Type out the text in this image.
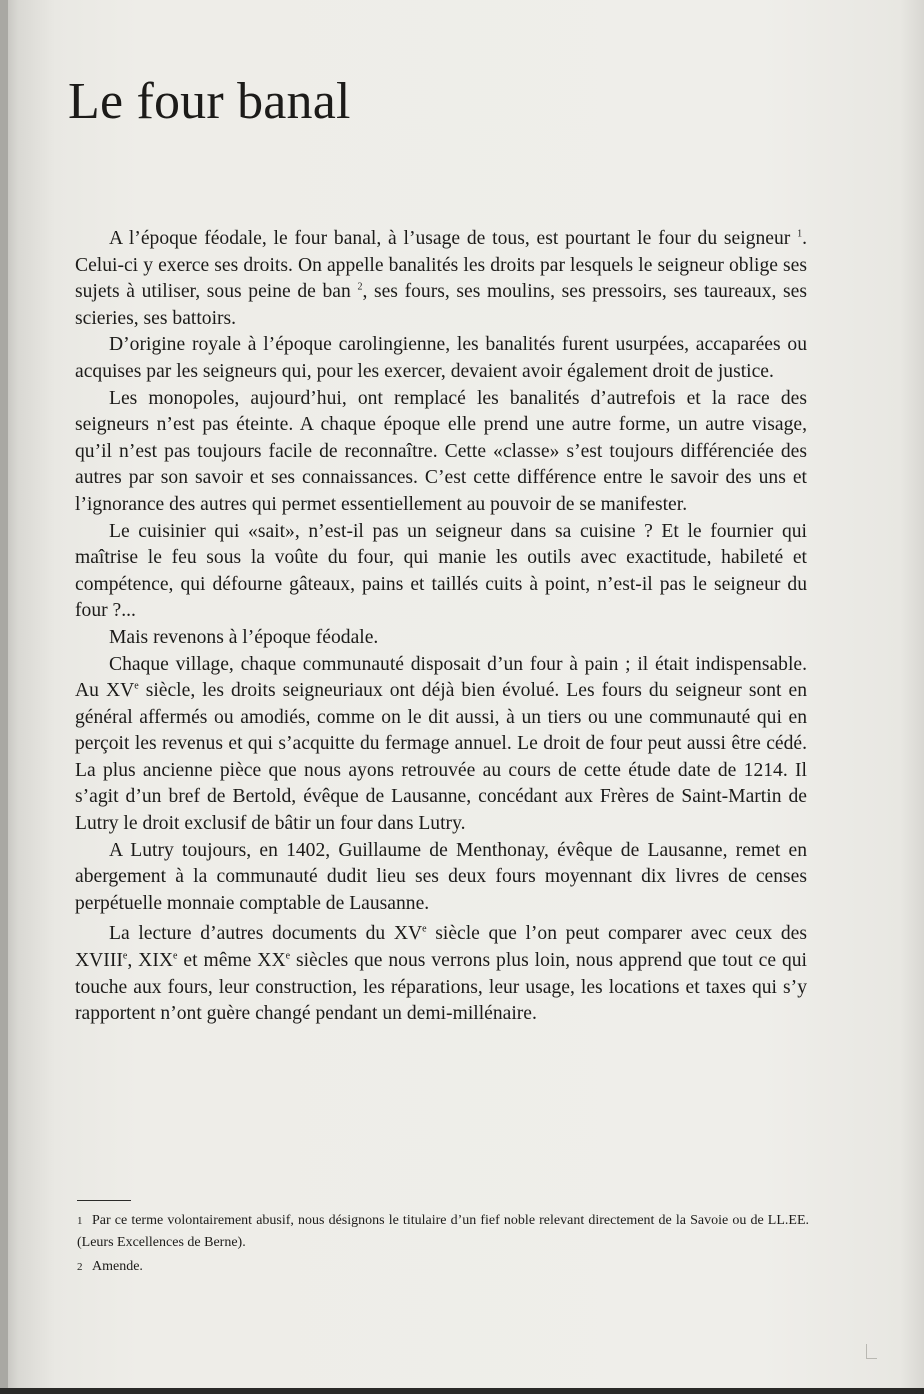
Le four banal

A l’époque féodale, le four banal, à l’usage de tous, est pourtant le four du seigneur $^1$. Celui-ci y exerce ses droits. On appelle banalités les droits par lesquels le seigneur oblige ses sujets à utiliser, sous peine de ban $^2$, ses fours, ses moulins, ses pressoirs, ses taureaux, ses scieries, ses battoirs.

D’origine royale à l’époque carolingienne, les banalités furent usurpées, accaparées ou acquises par les seigneurs qui, pour les exercer, devaient avoir également droit de justice.

Les monopoles, aujourd’hui, ont remplacé les banalités d’autrefois et la race des seigneurs n’est pas éteinte. A chaque époque elle prend une autre forme, un autre visage, qu’il n’est pas toujours facile de reconnaître. Cette «classe» s’est toujours différenciée des autres par son savoir et ses connaissances. C’est cette différence entre le savoir des uns et l’ignorance des autres qui permet essentiellement au pouvoir de se manifester.

Le cuisinier qui «sait», n’est-il pas un seigneur dans sa cuisine ? Et le fournier qui maîtrise le feu sous la voûte du four, qui manie les outils avec exactitude, habileté et compétence, qui défourne gâteaux, pains et taillés cuits à point, n’est-il pas le seigneur du four ?...

Mais revenons à l’époque féodale.

Chaque village, chaque communauté disposait d’un four à pain ; il était indispensable. Au XVe siècle, les droits seigneuriaux ont déjà bien évolué. Les fours du seigneur sont en général affermés ou amodiés, comme on le dit aussi, à un tiers ou une communauté qui en perçoit les revenus et qui s’acquitte du fermage annuel. Le droit de four peut aussi être cédé. La plus ancienne pièce que nous ayons retrouvée au cours de cette étude date de 1214. Il s’agit d’un bref de Bertold, évêque de Lausanne, concédant aux Frères de Saint-Martin de Lutry le droit exclusif de bâtir un four dans Lutry.

A Lutry toujours, en 1402, Guillaume de Menthonay, évêque de Lausanne, remet en abergement à la communauté dudit lieu ses deux fours moyennant dix livres de censes perpétuelle monnaie comptable de Lausanne.

La lecture d’autres documents du XVe siècle que l’on peut comparer avec ceux des XVIIIe, XIXe et même XXe siècles que nous verrons plus loin, nous apprend que tout ce qui touche aux fours, leur construction, les réparations, leur usage, les locations et taxes qui s’y rapportent n’ont guère changé pendant un demi-millénaire.

1 Par ce terme volontairement abusif, nous désignons le titulaire d’un fief noble relevant directement de la Savoie ou de LL.EE. (Leurs Excellences de Berne).

2 Amende.
